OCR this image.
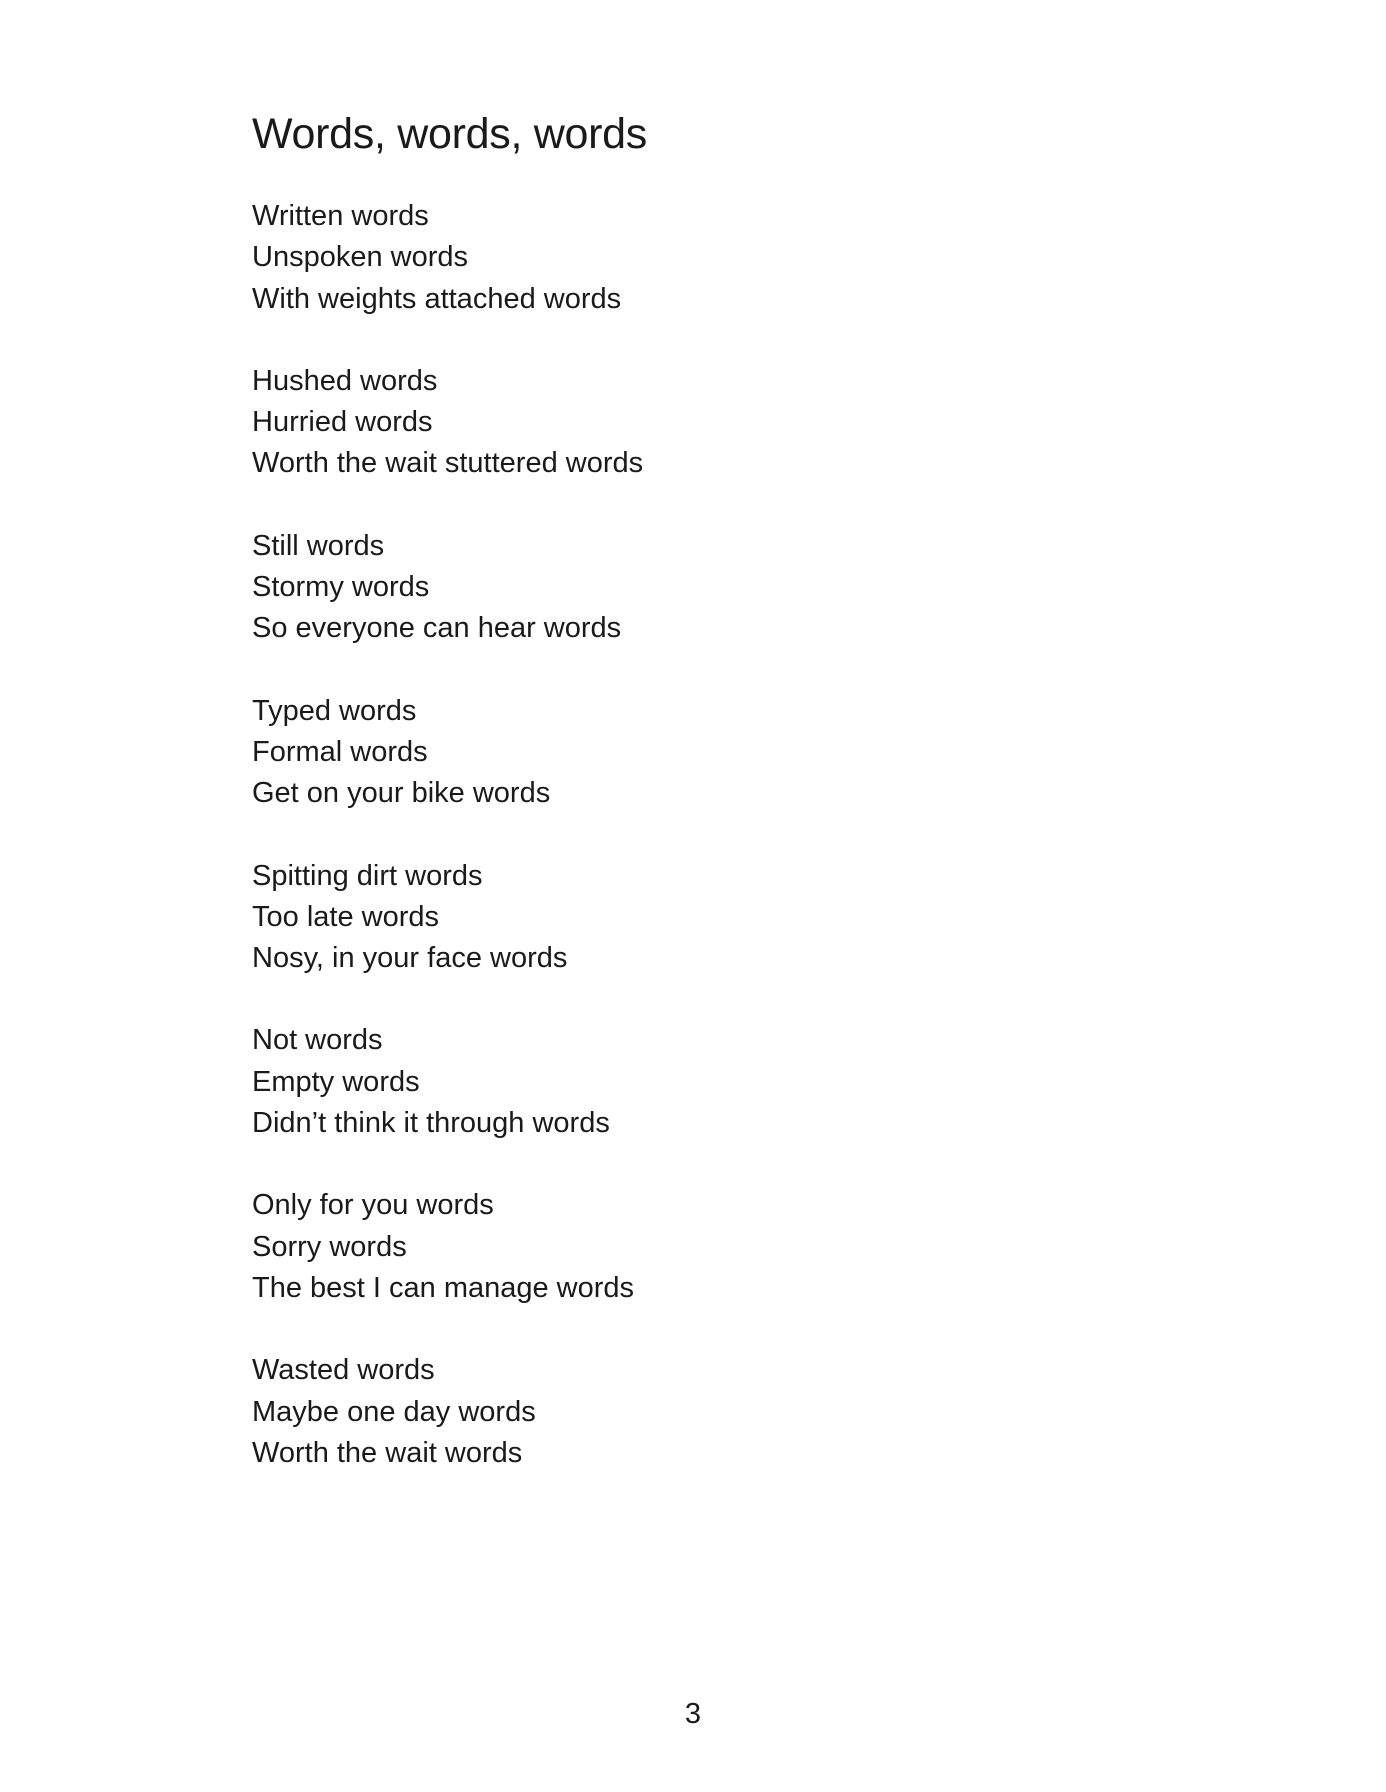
Words, words, words
Written words
Unspoken words
With weights attached words
Hushed words
Hurried words
Worth the wait stuttered words
Still words
Stormy words
So everyone can hear words
Typed words
Formal words
Get on your bike words
Spitting dirt words
Too late words
Nosy, in your face words
Not words
Empty words
Didn’t think it through words
Only for you words
Sorry words
The best I can manage words
Wasted words
Maybe one day words
Worth the wait words
3
